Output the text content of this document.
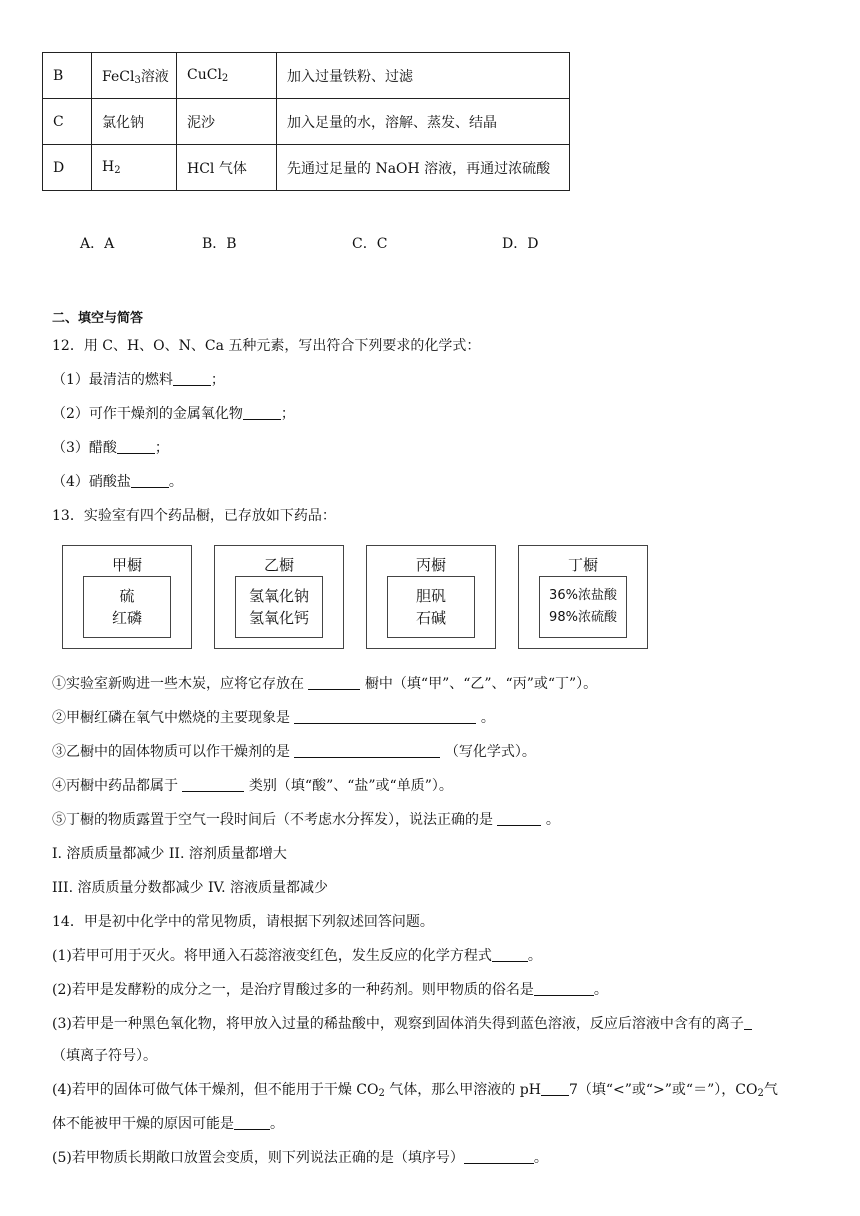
B	FeCl$_3$溶液	CuCl$_2$	加入过量铁粉、过滤
C	氯化钠	泥沙	加入足量的水，溶解、蒸发、结晶
D	$H_2$	HCl 气体	先通过足量的 NaOH 溶液，再通过浓硫酸
A．A	B．B	C．C	D．D
二、填空与简答
12．用 C、H、O、N、Ca 五种元素，写出符合下列要求的化学式：
（1）最清洁的燃料	；
（2）可作干燥剂的金属氧化物	；
（3）醋酸	；
（4）硝酸盐	。
13．实验室有四个药品橱，已存放如下药品：
甲橱
硫
红磷
乙橱
氢氧化钠
氢氧化钙
丙橱
胆矾
石碱
丁橱
36%浓盐酸
98%浓硫酸
①实验室新购进一些木炭，应将它存放在	橱中（填“甲”、“乙”、“丙”或“丁”）。
②甲橱红磷在氧气中燃烧的主要现象是	。
③乙橱中的固体物质可以作干燥剂的是	（写化学式）。
④丙橱中药品都属于	类别（填“酸”、“盐”或“单质”）。
⑤丁橱的物质露置于空气一段时间后（不考虑水分挥发），说法正确的是	。
I. 溶质质量都减少 II. 溶剂质量都增大
III. 溶质质量分数都减少 IV. 溶液质量都减少
14．甲是初中化学中的常见物质，请根据下列叙述回答问题。
(1)若甲可用于灭火。将甲通入石蕊溶液变红色，发生反应的化学方程式	。
(2)若甲是发酵粉的成分之一，是治疗胃酸过多的一种药剂。则甲物质的俗名是	。
(3)若甲是一种黑色氧化物，将甲放入过量的稀盐酸中，观察到固体消失得到蓝色溶液，反应后溶液中含有的离子
（填离子符号）。
(4)若甲的固体可做气体干燥剂，但不能用于干燥 $CO_2$ 气体，那么甲溶液的 pH 7（填“<”或“>”或“＝”），$CO_2$气
体不能被甲干燥的原因可能是	。
(5)若甲物质长期敞口放置会变质，则下列说法正确的是（填序号）	。
